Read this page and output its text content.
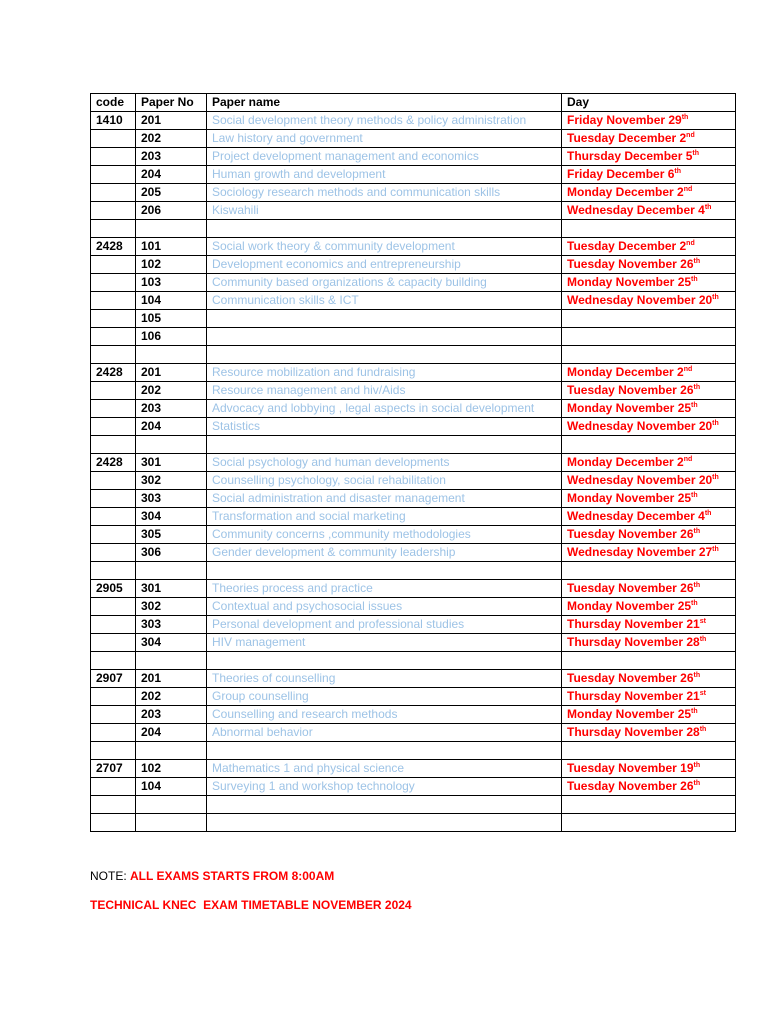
code	Paper No	Paper name	Day
1410	201	Social development theory methods & policy administration	Friday November 29th
	202	Law history and government	Tuesday December 2nd
	203	Project development management and economics	Thursday December 5th
	204	Human growth and development	Friday December 6th
	205	Sociology research methods and communication skills	Monday December 2nd
	206	Kiswahili	Wednesday December 4th

2428	101	Social work theory & community development	Tuesday December 2nd
	102	Development economics and entrepreneurship	Tuesday November 26th
	103	Community based organizations & capacity building	Monday November 25th
	104	Communication skills & ICT	Wednesday November 20th
	105		
	106		

2428	201	Resource mobilization and fundraising	Monday December 2nd
	202	Resource management and hiv/Aids	Tuesday November 26th
	203	Advocacy and lobbying , legal aspects in social development	Monday November 25th
	204	Statistics	Wednesday November 20th

2428	301	Social psychology and human developments	Monday December 2nd
	302	Counselling psychology, social rehabilitation	Wednesday November 20th
	303	Social administration and disaster management	Monday November 25th
	304	Transformation and social marketing	Wednesday December 4th
	305	Community concerns ,community methodologies	Tuesday November 26th
	306	Gender development & community leadership	Wednesday November 27th

2905	301	Theories process and practice	Tuesday November 26th
	302	Contextual and psychosocial issues	Monday November 25th
	303	Personal development and professional studies	Thursday November 21st
	304	HIV management	Thursday November 28th

2907	201	Theories of counselling	Tuesday November 26th
	202	Group counselling	Thursday November 21st
	203	Counselling and research methods	Monday November 25th
	204	Abnormal behavior	Thursday November 28th

2707	102	Mathematics 1 and physical science	Tuesday November 19th
	104	Surveying 1 and workshop technology	Tuesday November 26th

NOTE: ALL EXAMS STARTS FROM 8:00AM
TECHNICAL KNEC  EXAM TIMETABLE NOVEMBER 2024
